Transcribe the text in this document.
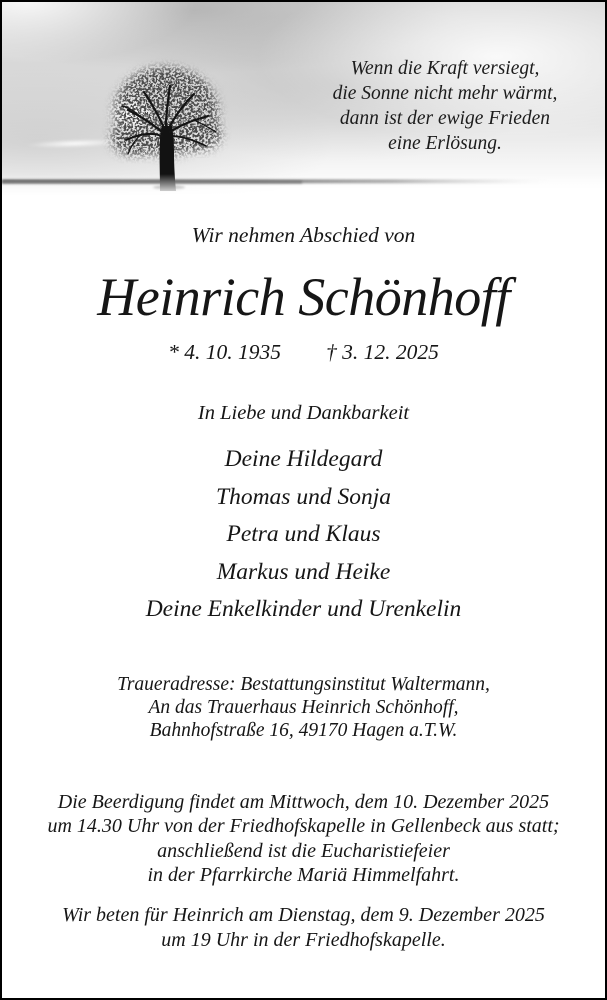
Wenn die Kraft versiegt,
die Sonne nicht mehr wärmt,
dann ist der ewige Frieden
eine Erlösung.

Wir nehmen Abschied von

Heinrich Schönhoff

* 4. 10. 1935 † 3. 12. 2025

In Liebe und Dankbarkeit

Deine Hildegard
Thomas und Sonja
Petra und Klaus
Markus und Heike
Deine Enkelkinder und Urenkelin
Traueradresse: Bestattungsinstitut Waltermann,
An das Trauerhaus Heinrich Schönhoff,
Bahnhofstraße 16, 49170 Hagen a.T.W.
Die Beerdigung findet am Mittwoch, dem 10. Dezember 2025
um 14.30 Uhr von der Friedhofskapelle in Gellenbeck aus statt;
anschließend ist die Eucharistiefeier
in der Pfarrkirche Mariä Himmelfahrt.
Wir beten für Heinrich am Dienstag, dem 9. Dezember 2025
um 19 Uhr in der Friedhofskapelle.
